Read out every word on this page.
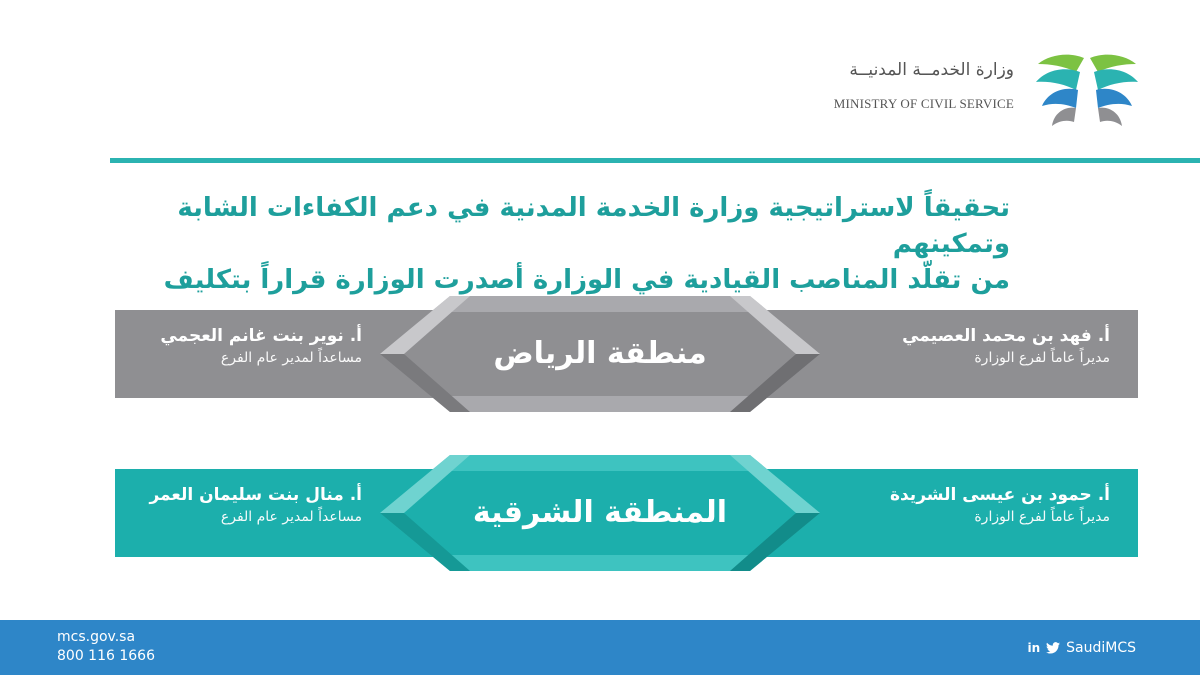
وزارة الخدمــة المدنيــة
MINISTRY OF CIVIL SERVICE
تحقيقاً لاستراتيجية وزارة الخدمة المدنية في دعم الكفاءات الشابة وتمكينهم
من تقلّد المناصب القيادية في الوزارة أصدرت الوزارة قراراً بتكليف
منطقة الرياض	أ. فهد بن محمد العصيمي
مديراً عاماً لفرع الوزارة
أ. نوير بنت غانم العجمي
مساعداً لمدير عام الفرع
المنطقة الشرقية	أ. حمود بن عيسى الشريدة
مديراً عاماً لفرع الوزارة
أ. منال بنت سليمان العمر
مساعداً لمدير عام الفرع
mcs.gov.sa
800 116 1666	in SaudiMCS
